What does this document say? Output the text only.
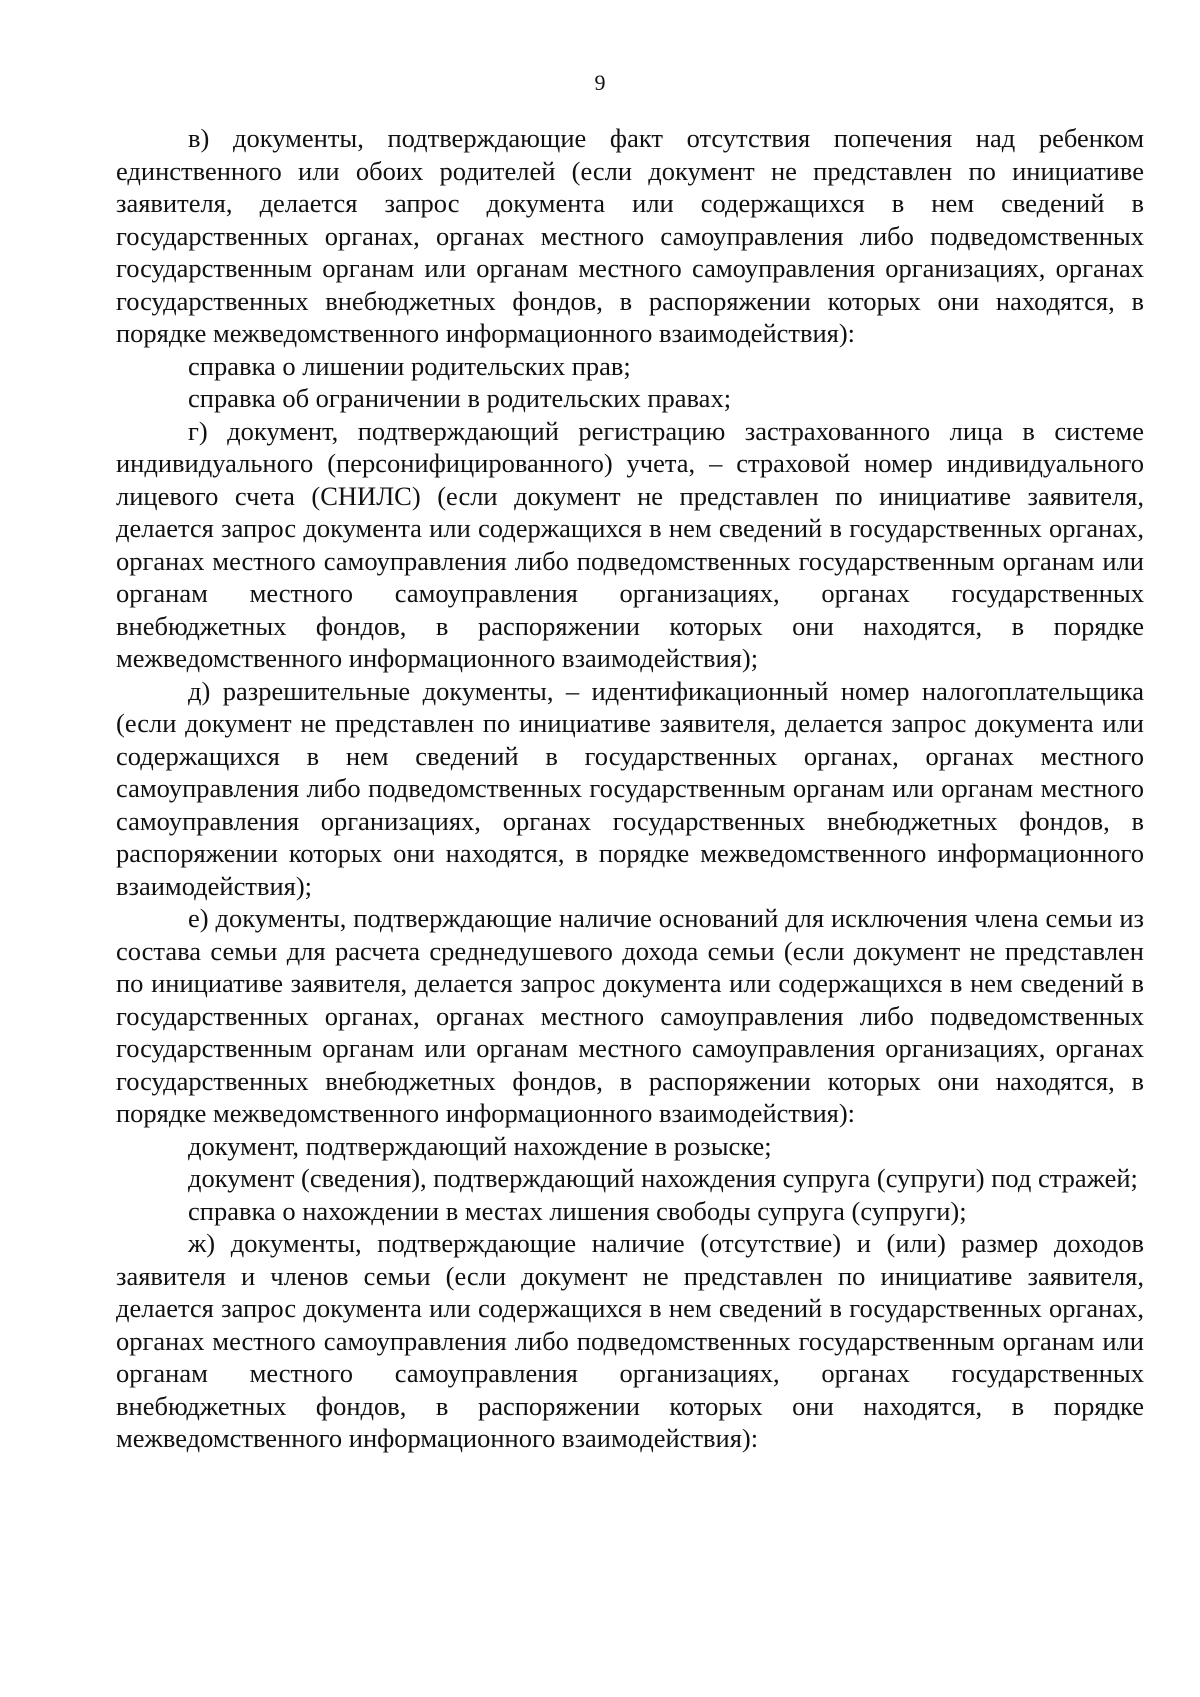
9

в) документы, подтверждающие факт отсутствия попечения над ребенком единственного или обоих родителей (если документ не представлен по инициативе заявителя, делается запрос документа или содержащихся в нем сведений в государственных органах, органах местного самоуправления либо подведомственных государственным органам или органам местного самоуправления организациях, органах государственных внебюджетных фондов, в распоряжении которых они находятся, в порядке межведомственного информационного взаимодействия):

справка о лишении родительских прав;

справка об ограничении в родительских правах;

г) документ, подтверждающий регистрацию застрахованного лица в системе индивидуального (персонифицированного) учета, – страховой номер индивидуального лицевого счета (СНИЛС) (если документ не представлен по инициативе заявителя, делается запрос документа или содержащихся в нем сведений в государственных органах, органах местного самоуправления либо подведомственных государственным органам или органам местного самоуправления организациях, органах государственных внебюджетных фондов, в распоряжении которых они находятся, в порядке межведомственного информационного взаимодействия);

д) разрешительные документы, – идентификационный номер налогоплательщика (если документ не представлен по инициативе заявителя, делается запрос документа или содержащихся в нем сведений в государственных органах, органах местного самоуправления либо подведомственных государственным органам или органам местного самоуправления организациях, органах государственных внебюджетных фондов, в распоряжении которых они находятся, в порядке межведомственного информационного взаимодействия);

е) документы, подтверждающие наличие оснований для исключения члена семьи из состава семьи для расчета среднедушевого дохода семьи (если документ не представлен по инициативе заявителя, делается запрос документа или содержащихся в нем сведений в государственных органах, органах местного самоуправления либо подведомственных государственным органам или органам местного самоуправления организациях, органах государственных внебюджетных фондов, в распоряжении которых они находятся, в порядке межведомственного информационного взаимодействия):

документ, подтверждающий нахождение в розыске;

документ (сведения), подтверждающий нахождения супруга (супруги) под стражей;

справка о нахождении в местах лишения свободы супруга (супруги);

ж) документы, подтверждающие наличие (отсутствие) и (или) размер доходов заявителя и членов семьи (если документ не представлен по инициативе заявителя, делается запрос документа или содержащихся в нем сведений в государственных органах, органах местного самоуправления либо подведомственных государственным органам или органам местного самоуправления организациях, органах государственных внебюджетных фондов, в распоряжении которых они находятся, в порядке межведомственного информационного взаимодействия):
